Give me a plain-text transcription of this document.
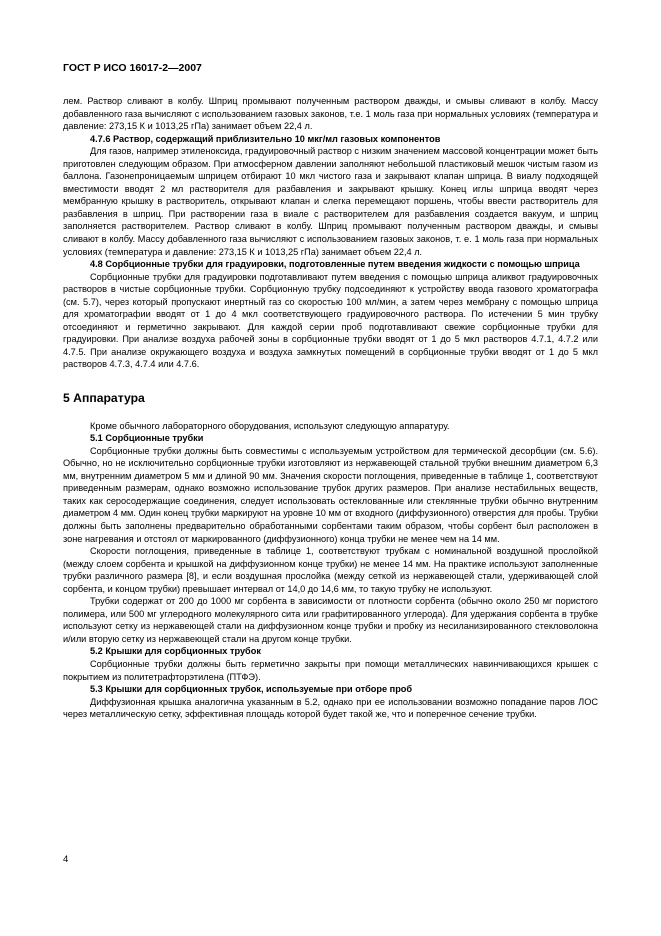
ГОСТ Р ИСО 16017-2—2007

лем. Раствор сливают в колбу. Шприц промывают полученным раствором дважды, и смывы сливают в колбу. Массу добавленного газа вычисляют с использованием газовых законов, т.е. 1 моль газа при нормальных условиях (температура и давление: 273,15 К и 1013,25 гПа) занимает объем 22,4 л.

4.7.6 Раствор, содержащий приблизительно 10 мкг/мл газовых компонентов

Для газов, например этиленоксида, градуировочный раствор с низким значением массовой концентрации может быть приготовлен следующим образом. При атмосферном давлении заполняют небольшой пластиковый мешок чистым газом из баллона. Газонепроницаемым шприцем отбирают 10 мкл чистого газа и закрывают клапан шприца. В виалу подходящей вместимости вводят 2 мл растворителя для разбавления и закрывают крышку. Конец иглы шприца вводят через мембранную крышку в растворитель, открывают клапан и слегка перемещают поршень, чтобы ввести растворитель для разбавления в шприц. При растворении газа в виале с растворителем для разбавления создается вакуум, и шприц заполняется растворителем. Раствор сливают в колбу. Шприц промывают полученным раствором дважды, и смывы сливают в колбу. Массу добавленного газа вычисляют с использованием газовых законов, т. е. 1 моль газа при нормальных условиях (температура и давление: 273,15 К и 1013,25 гПа) занимает объем 22,4 л.

4.8 Сорбционные трубки для градуировки, подготовленные путем введения жидкости с помощью шприца

Сорбционные трубки для градуировки подготавливают путем введения с помощью шприца аликвот градуировочных растворов в чистые сорбционные трубки. Сорбционную трубку подсоединяют к устройству ввода газового хроматографа (см. 5.7), через который пропускают инертный газ со скоростью 100 мл/мин, а затем через мембрану с помощью шприца для хроматографии вводят от 1 до 4 мкл соответствующего градуировочного раствора. По истечении 5 мин трубку отсоединяют и герметично закрывают. Для каждой серии проб подготавливают свежие сорбционные трубки для градуировки. При анализе воздуха рабочей зоны в сорбционные трубки вводят от 1 до 5 мкл растворов 4.7.1, 4.7.2 или 4.7.5. При анализе окружающего воздуха и воздуха замкнутых помещений в сорбционные трубки вводят от 1 до 5 мкл растворов 4.7.3, 4.7.4 или 4.7.6.

5 Аппаратура

Кроме обычного лабораторного оборудования, используют следующую аппаратуру.

5.1 Сорбционные трубки

Сорбционные трубки должны быть совместимы с используемым устройством для термической десорбции (см. 5.6). Обычно, но не исключительно сорбционные трубки изготовляют из нержавеющей стальной трубки внешним диаметром 6,3 мм, внутренним диаметром 5 мм и длиной 90 мм. Значения скорости поглощения, приведенные в таблице 1, соответствуют приведенным размерам, однако возможно использование трубок других размеров. При анализе нестабильных веществ, таких как серосодержащие соединения, следует использовать остеклованные или стеклянные трубки обычно внутренним диаметром 4 мм. Один конец трубки маркируют на уровне 10 мм от входного (диффузионного) отверстия для пробы. Трубки должны быть заполнены предварительно обработанными сорбентами таким образом, чтобы сорбент был расположен в зоне нагревания и отстоял от маркированного (диффузионного) конца трубки не менее чем на 14 мм.

Скорости поглощения, приведенные в таблице 1, соответствуют трубкам с номинальной воздушной прослойкой (между слоем сорбента и крышкой на диффузионном конце трубки) не менее 14 мм. На практике используют заполненные трубки различного размера [8], и если воздушная прослойка (между сеткой из нержавеющей стали, удерживающей слой сорбента, и концом трубки) превышает интервал от 14,0 до 14,6 мм, то такую трубку не используют.

Трубки содержат от 200 до 1000 мг сорбента в зависимости от плотности сорбента (обычно около 250 мг пористого полимера, или 500 мг углеродного молекулярного сита или графитированного углерода). Для удержания сорбента в трубке используют сетку из нержавеющей стали на диффузионном конце трубки и пробку из несиланизированного стекловолокна и/или вторую сетку из нержавеющей стали на другом конце трубки.

5.2 Крышки для сорбционных трубок

Сорбционные трубки должны быть герметично закрыты при помощи металлических навинчивающихся крышек с покрытием из политетрафторэтилена (ПТФЭ).

5.3 Крышки для сорбционных трубок, используемые при отборе проб

Диффузионная крышка аналогична указанным в 5.2, однако при ее использовании возможно попадание паров ЛОС через металлическую сетку, эффективная площадь которой будет такой же, что и поперечное сечение трубки.

4
